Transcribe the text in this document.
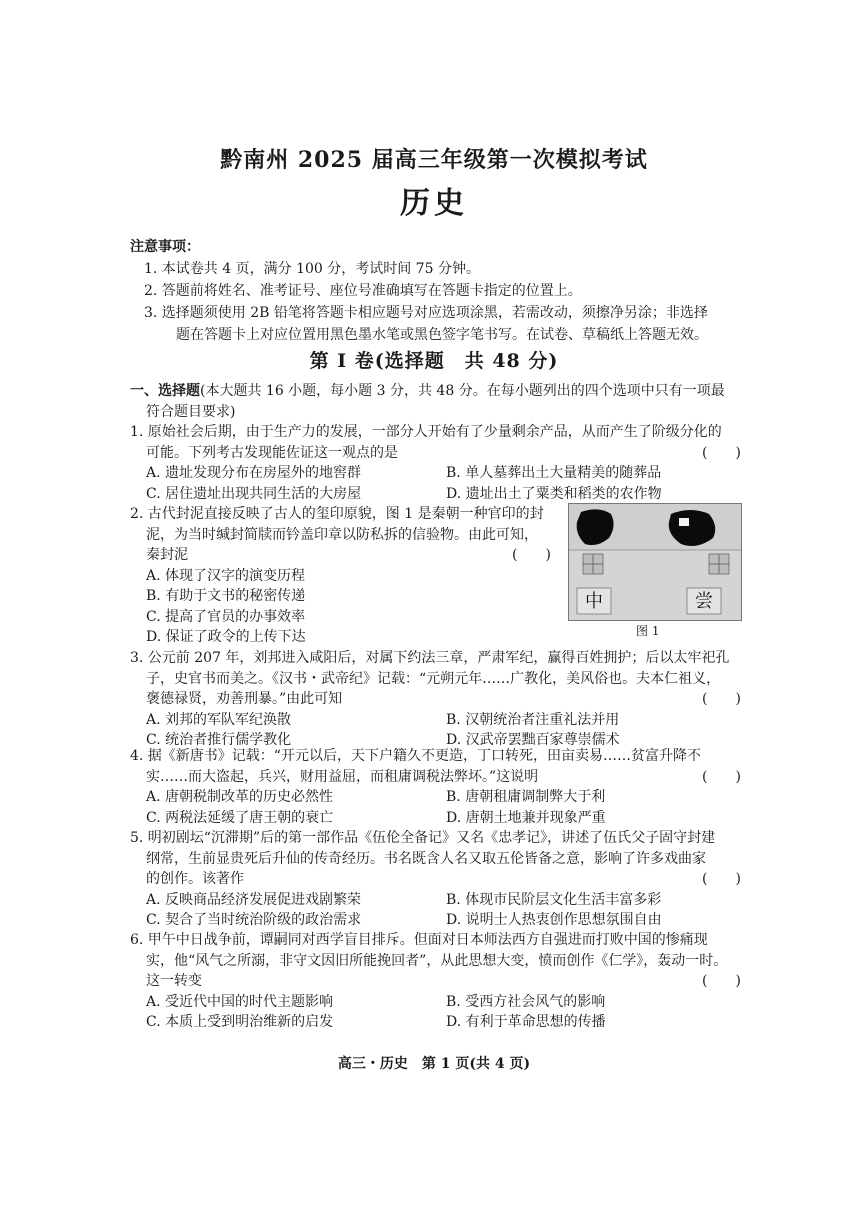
黔南州 2025 届高三年级第一次模拟考试
历史
注意事项：
1. 本试卷共 4 页，满分 100 分，考试时间 75 分钟。
2. 答题前将姓名、准考证号、座位号准确填写在答题卡指定的位置上。
3. 选择题须使用 2B 铅笔将答题卡相应题号对应选项涂黑，若需改动，须擦净另涂；非选择
题在答题卡上对应位置用黑色墨水笔或黑色签字笔书写。在试卷、草稿纸上答题无效。
第 Ⅰ 卷(选择题　共 48 分)
一、选择题(本大题共 16 小题，每小题 3 分，共 48 分。在每小题列出的四个选项中只有一项最
符合题目要求)
1. 原始社会后期，由于生产力的发展，一部分人开始有了少量剩余产品，从而产生了阶级分化的
(　　)
可能。下列考古发现能佐证这一观点的是
A. 遗址发现分布在房屋外的地窖群	B. 单人墓葬出土大量精美的随葬品
C. 居住遗址出现共同生活的大房屋	D. 遗址出土了粟类和稻类的农作物
2. 古代封泥直接反映了古人的玺印原貌，图 1 是秦朝一种官印的封
泥，为当时缄封简牍而钤盖印章以防私拆的信验物。由此可知，
(　　)
秦封泥
A. 体现了汉字的演变历程
B. 有助于文书的秘密传递
C. 提高了官员的办事效率
D. 保证了政令的上传下达
中	尝
图 1
3. 公元前 207 年，刘邦进入咸阳后，对属下约法三章，严肃军纪，赢得百姓拥护；后以太牢祀孔
子，史官书而美之。《汉书・武帝纪》记载：“元朔元年……广教化，美风俗也。夫本仁祖义，
(　　)
褒德禄贤，劝善刑暴。”由此可知
A. 刘邦的军队军纪涣散	B. 汉朝统治者注重礼法并用
C. 统治者推行儒学教化	D. 汉武帝罢黜百家尊崇儒术
4. 据《新唐书》记载：“开元以后，天下户籍久不更造，丁口转死，田亩卖易……贫富升降不
(　　)
实……而大盗起，兵兴，财用益屈，而租庸调税法弊坏。”这说明
A. 唐朝税制改革的历史必然性	B. 唐朝租庸调制弊大于利
C. 两税法延缓了唐王朝的衰亡	D. 唐朝土地兼并现象严重
5. 明初剧坛“沉滞期”后的第一部作品《伍伦全备记》又名《忠孝记》，讲述了伍氏父子固守封建
纲常，生前显贵死后升仙的传奇经历。书名既含人名又取五伦皆备之意，影响了许多戏曲家
(　　)
的创作。该著作
A. 反映商品经济发展促进戏剧繁荣	B. 体现市民阶层文化生活丰富多彩
C. 契合了当时统治阶级的政治需求	D. 说明士人热衷创作思想氛围自由
6. 甲午中日战争前，谭嗣同对西学盲目排斥。但面对日本师法西方自强进而打败中国的惨痛现
实，他“风气之所溺，非守文因旧所能挽回者”，从此思想大变，愤而创作《仁学》，轰动一时。
(　　)
这一转变
A. 受近代中国的时代主题影响	B. 受西方社会风气的影响
C. 本质上受到明治维新的启发	D. 有利于革命思想的传播
高三・历史　第 1 页(共 4 页)
